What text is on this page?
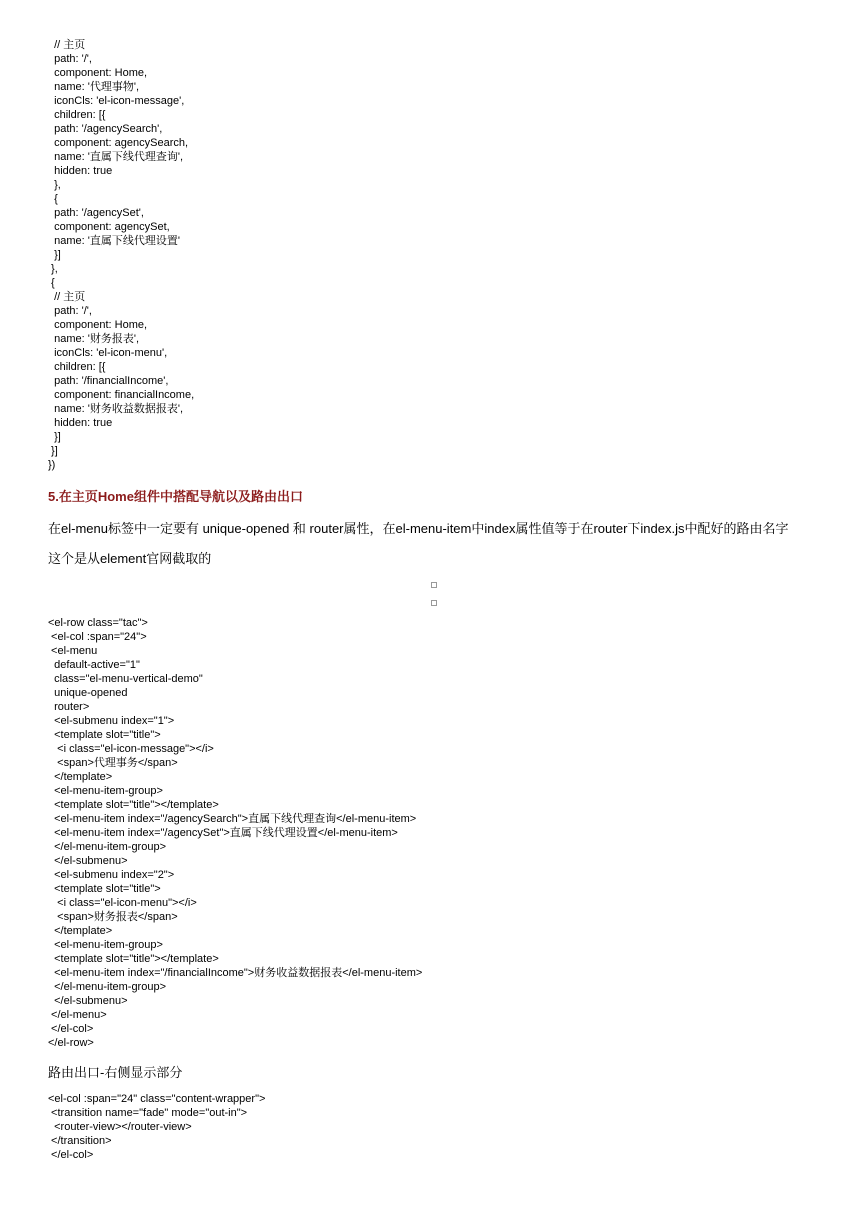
// 主页
path: '/',
component: Home,
name: '代理事物',
iconCls: 'el-icon-message',
children: [{
path: '/agencySearch',
component: agencySearch,
name: '直属下线代理查询',
hidden: true
},
{
path: '/agencySet',
component: agencySet,
name: '直属下线代理设置'
}]
},
{
// 主页
path: '/',
component: Home,
name: '财务报表',
iconCls: 'el-icon-menu',
children: [{
path: '/financialIncome',
component: financialIncome,
name: '财务收益数据报表',
hidden: true
}]
}]
})
5.在主页Home组件中搭配导航以及路由出口
在el-menu标签中一定要有 unique-opened 和 router属性，在el-menu-item中index属性值等于在router下index.js中配好的路由名字
这个是从element官网截取的
<el-row class="tac">
<el-col :span="24">
<el-menu
default-active="1"
class="el-menu-vertical-demo"
unique-opened
router>
<el-submenu index="1">
<template slot="title">
<i class="el-icon-message"></i>
<span>代理事务</span>
</template>
<el-menu-item-group>
<template slot="title"></template>
<el-menu-item index="/agencySearch">直属下线代理查询</el-menu-item>
<el-menu-item index="/agencySet">直属下线代理设置</el-menu-item>
</el-menu-item-group>
</el-submenu>
<el-submenu index="2">
<template slot="title">
<i class="el-icon-menu"></i>
<span>财务报表</span>
</template>
<el-menu-item-group>
<template slot="title"></template>
<el-menu-item index="/financialIncome">财务收益数据报表</el-menu-item>
</el-menu-item-group>
</el-submenu>
</el-menu>
</el-col>
</el-row>
路由出口-右侧显示部分
<el-col :span="24" class="content-wrapper">
<transition name="fade" mode="out-in">
<router-view></router-view>
</transition>
</el-col>
